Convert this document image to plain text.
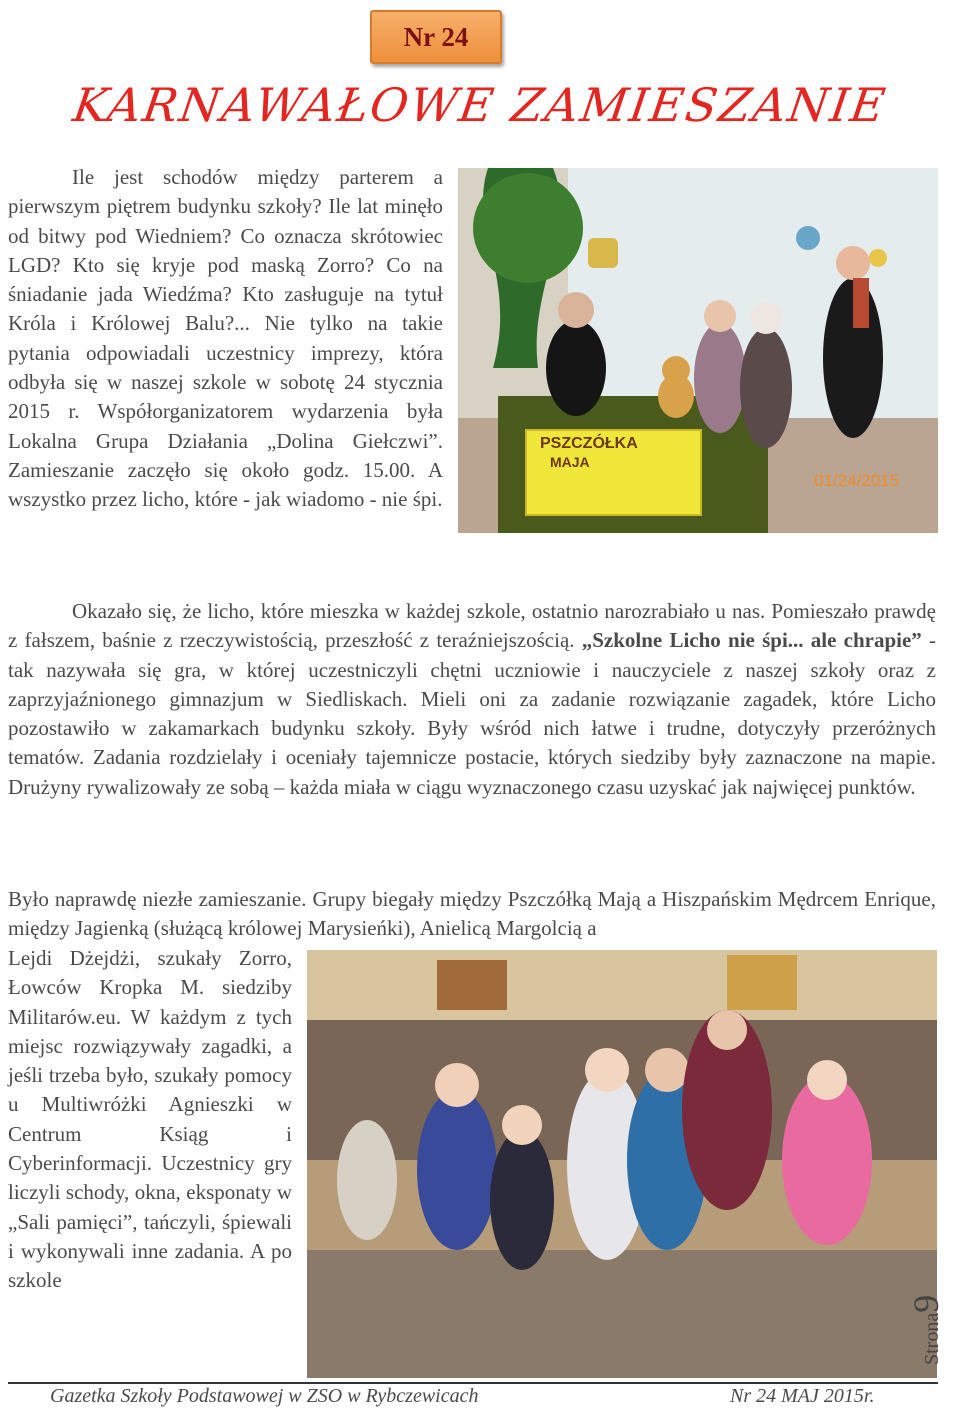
Nr 24
KARNAWAŁOWE ZAMIESZANIE
Ile jest schodów między parterem a pierwszym piętrem budynku szkoły? Ile lat minęło od bitwy pod Wiedniem? Co oznacza skrótowiec LGD? Kto się kryje pod maską Zorro? Co na śniadanie jada Wiedźma? Kto zasługuje na tytuł Króla i Królowej Balu?... Nie tylko na takie pytania odpowiadali uczestnicy imprezy, która odbyła się w naszej szkole w sobotę 24 stycznia 2015 r. Współorganizatorem wydarzenia była Lokalna Grupa Działania „Dolina Giełczwi”. Zamieszanie zaczęło się około godz. 15.00. A wszystko przez licho, które - jak wiadomo - nie śpi.
PSZCZÓŁKA
MAJA
01/24/2015
Okazało się, że licho, które mieszka w każdej szkole, ostatnio narozrabiało u nas. Pomieszało prawdę z fałszem, baśnie z rzeczywistością, przeszłość z teraźniejszością. „Szkolne Licho nie śpi... ale chrapie” - tak nazywała się gra, w której uczestniczyli chętni uczniowie i nauczyciele z naszej szkoły oraz z zaprzyjaźnionego gimnazjum w Siedliskach. Mieli oni za zadanie rozwiązanie zagadek, które Licho pozostawiło w zakamarkach budynku szkoły. Były wśród nich łatwe i trudne, dotyczyły przeróżnych tematów. Zadania rozdzielały i oceniały tajemnicze postacie, których siedziby były zaznaczone na mapie. Drużyny rywalizowały ze sobą – każda miała w ciągu wyznaczonego czasu uzyskać jak najwięcej punktów.
Było naprawdę niezłe zamieszanie. Grupy biegały między Pszczółką Mają a Hiszpańskim Mędrcem Enrique, między Jagienką (służącą królowej Marysieńki), Anielicą Margolcią a
Lejdi Dżejdżi, szukały Zorro, Łowców Kropka M. siedziby Militarów.eu. W każdym z tych miejsc rozwiązywały zagadki, a jeśli trzeba było, szukały pomocy u Multiwróżki Agnieszki w Centrum Ksiąg i Cyberinformacji. Uczestnicy gry liczyli schody, okna, eksponaty w „Sali pamięci”, tańczyli, śpiewali i wykonywali inne zadania. A po szkole
Strona9
Gazetka Szkoły Podstawowej w ZSO w Rybczewicach	Nr 24 MAJ 2015r.
